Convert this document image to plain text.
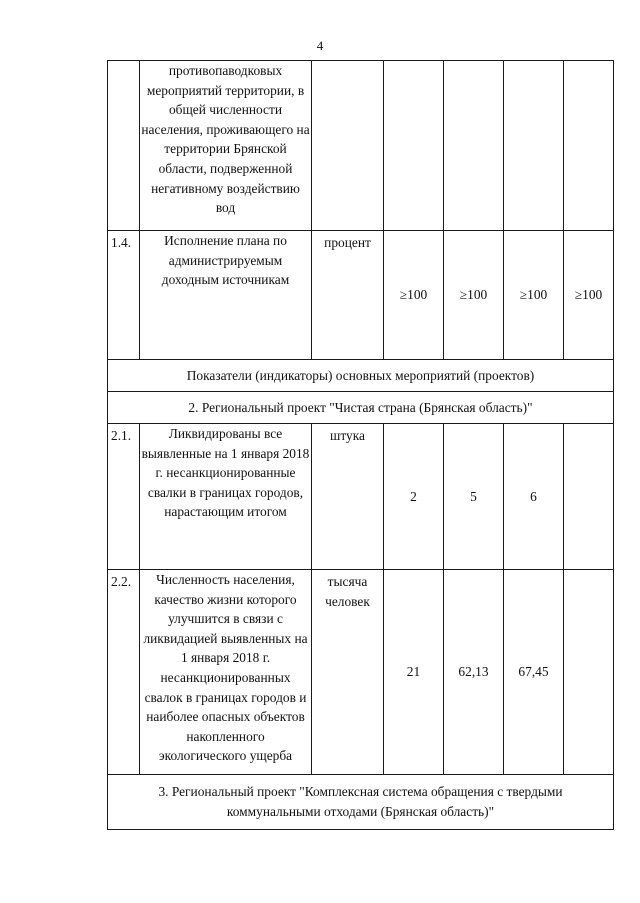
4

	противопаводковых мероприятий территории, в общей численности населения, проживающего на территории Брянской области, подверженной негативному воздействию вод					

1.4.	Исполнение плана по администрируемым доходным источникам	процент	≥100	≥100	≥100	≥100
Показатели (индикаторы) основных мероприятий (проектов)						
2. Региональный проект "Чистая страна (Брянская область)"						
2.1.	Ликвидированы все выявленные на 1 января 2018 г. несанкционированные свалки в границах городов, нарастающим итогом	штука	2	5	6	
2.2.	Численность населения, качество жизни которого улучшится в связи с ликвидацией выявленных на 1 января 2018 г. несанкционированных свалок в границах городов и наиболее опасных объектов накопленного экологического ущерба	тысяча человек	21	62,13	67,45	

3. Региональный проект "Комплексная система обращения с твердыми коммунальными отходами (Брянская область)"						
